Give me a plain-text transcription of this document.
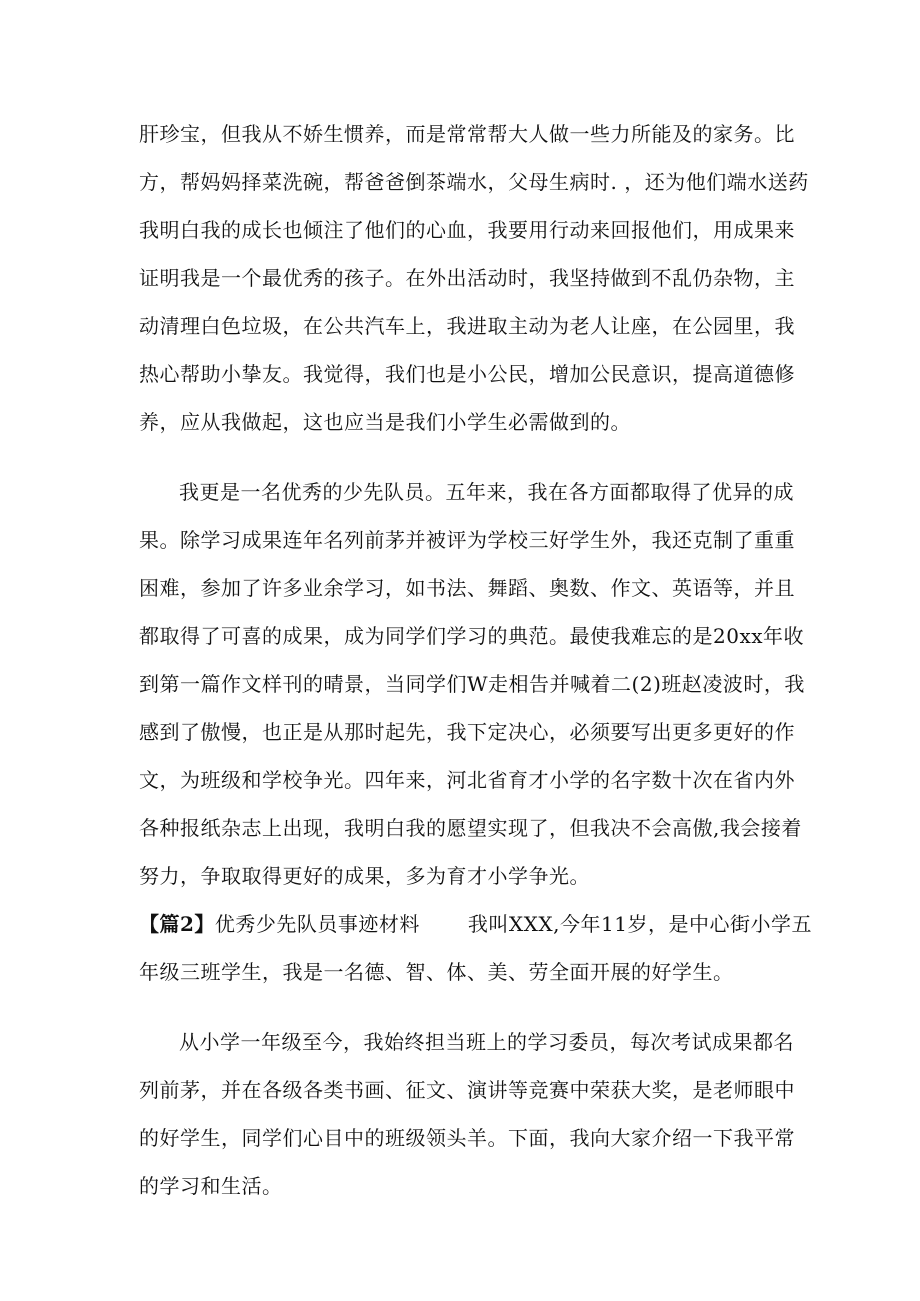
肝珍宝，但我从不娇生惯养，而是常常帮大人做一些力所能及的家务。比
方，帮妈妈择菜洗碗，帮爸爸倒茶端水，父母生病时. ，还为他们端水送药
我明白我的成长也倾注了他们的心血，我要用行动来回报他们，用成果来
证明我是一个最优秀的孩子。在外出活动时，我坚持做到不乱仍杂物，主
动清理白色垃圾，在公共汽车上，我进取主动为老人让座，在公园里，我
热心帮助小挚友。我觉得，我们也是小公民，增加公民意识，提高道德修
养，应从我做起，这也应当是我们小学生必需做到的。
我更是一名优秀的少先队员。五年来，我在各方面都取得了优异的成
果。除学习成果连年名列前茅并被评为学校三好学生外，我还克制了重重
困难，参加了许多业余学习，如书法、舞蹈、奥数、作文、英语等，并且
都取得了可喜的成果，成为同学们学习的典范。最使我难忘的是20xx年收
到第一篇作文样刊的晴景，当同学们W走相告并喊着二(2)班赵凌波时，我
感到了傲慢，也正是从那时起先，我下定决心，必须要写出更多更好的作
文，为班级和学校争光。四年来，河北省育才小学的名字数十次在省内外
各种报纸杂志上出现，我明白我的愿望实现了，但我决不会高傲,我会接着
努力，争取取得更好的成果，多为育才小学争光。
【篇2】优秀少先队员事迹材料 我叫XXX,今年11岁，是中心街小学五
年级三班学生，我是一名德、智、体、美、劳全面开展的好学生。
从小学一年级至今，我始终担当班上的学习委员，每次考试成果都名
列前茅，并在各级各类书画、征文、演讲等竞赛中荣获大奖，是老师眼中
的好学生，同学们心目中的班级领头羊。下面，我向大家介绍一下我平常
的学习和生活。
